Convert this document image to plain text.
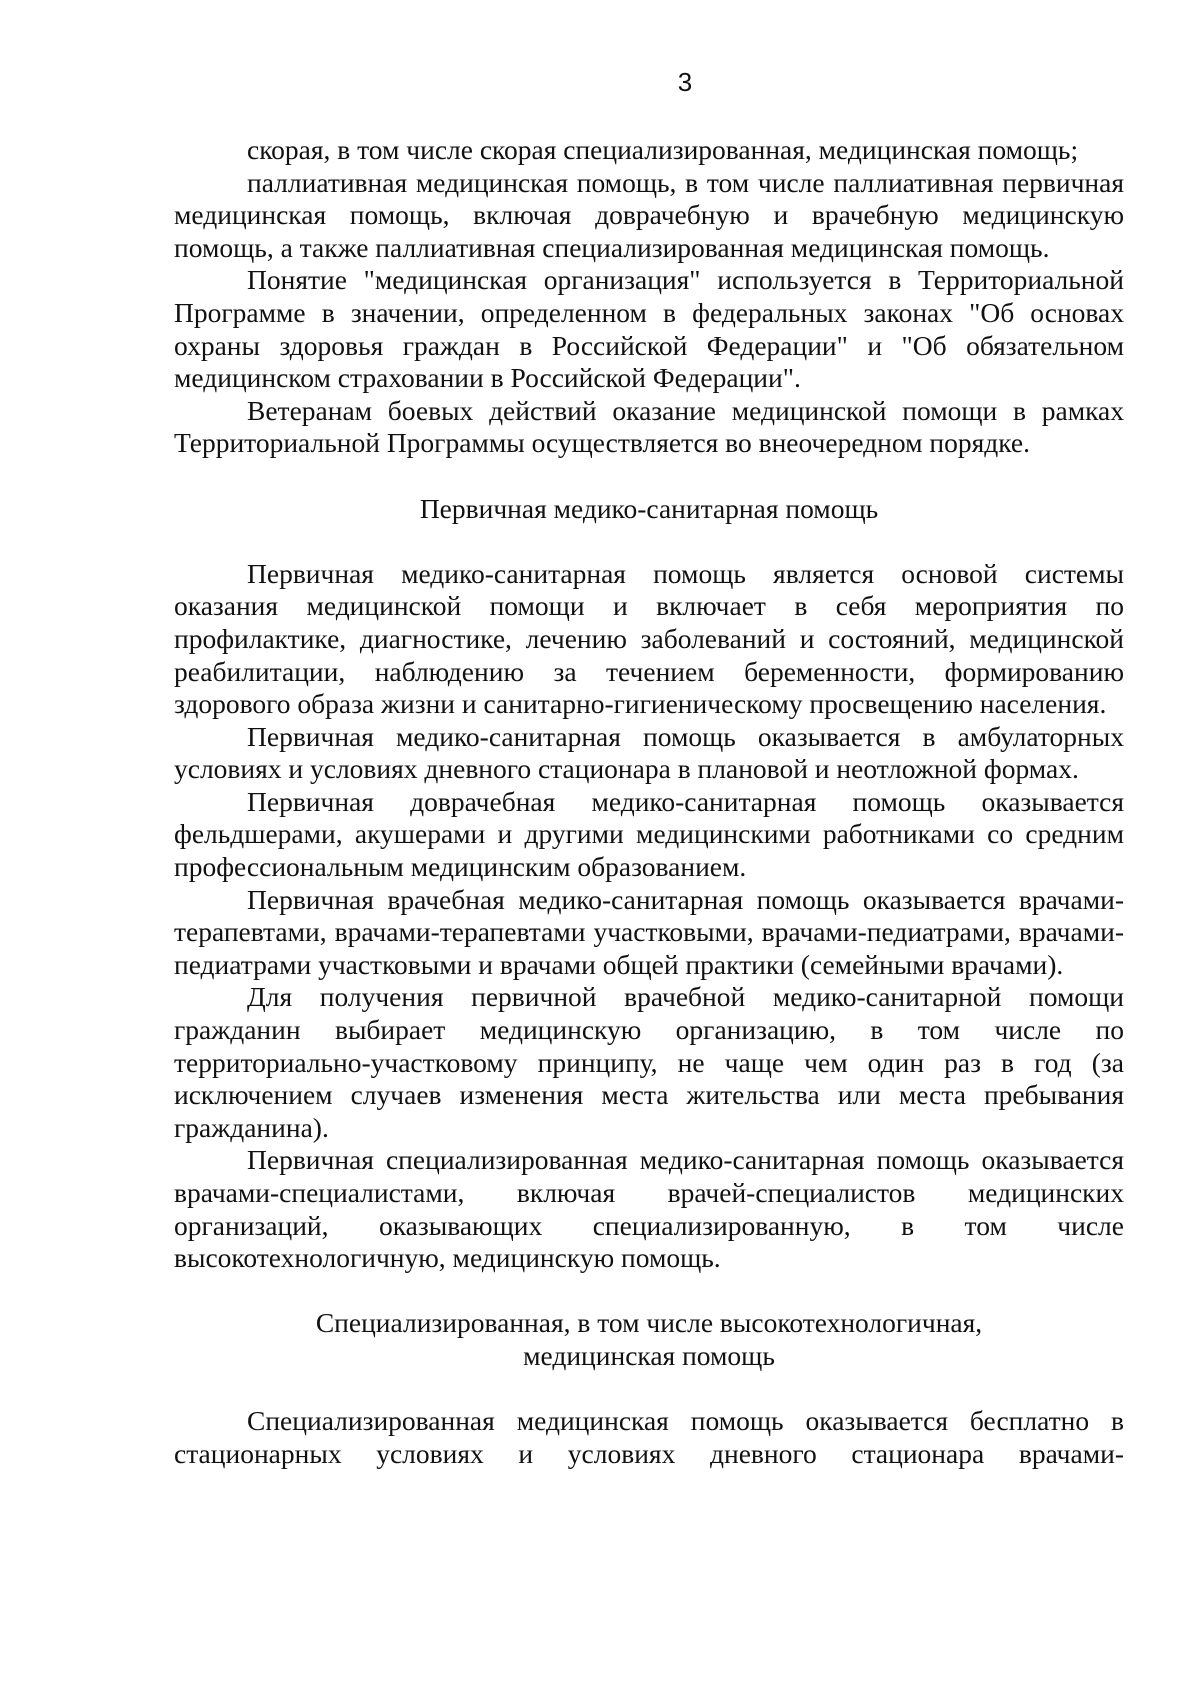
3

скорая, в том числе скорая специализированная, медицинская помощь;

паллиативная медицинская помощь, в том числе паллиативная первичная медицинская помощь, включая доврачебную и врачебную медицинскую помощь, а также паллиативная специализированная медицинская помощь.

Понятие "медицинская организация" используется в Территориальной Программе в значении, определенном в федеральных законах "Об основах охраны здоровья граждан в Российской Федерации" и "Об обязательном медицинском страховании в Российской Федерации".

Ветеранам боевых действий оказание медицинской помощи в рамках Территориальной Программы осуществляется во внеочередном порядке.

Первичная медико-санитарная помощь

Первичная медико-санитарная помощь является основой системы оказания медицинской помощи и включает в себя мероприятия по профилактике, диагностике, лечению заболеваний и состояний, медицинской реабилитации, наблюдению за течением беременности, формированию здорового образа жизни и санитарно-гигиеническому просвещению населения.

Первичная медико-санитарная помощь оказывается в амбулаторных условиях и условиях дневного стационара в плановой и неотложной формах.

Первичная доврачебная медико-санитарная помощь оказывается фельдшерами, акушерами и другими медицинскими работниками со средним профессиональным медицинским образованием.

Первичная врачебная медико-санитарная помощь оказывается врачами-терапевтами, врачами-терапевтами участковыми, врачами-педиатрами, врачами-педиатрами участковыми и врачами общей практики (семейными врачами).

Для получения первичной врачебной медико-санитарной помощи гражданин выбирает медицинскую организацию, в том числе по территориально-участковому принципу, не чаще чем один раз в год (за исключением случаев изменения места жительства или места пребывания гражданина).

Первичная специализированная медико-санитарная помощь оказывается врачами-специалистами, включая врачей-специалистов медицинских организаций, оказывающих специализированную, в том числе высокотехнологичную, медицинскую помощь.

Специализированная, в том числе высокотехнологичная,

медицинская помощь

Специализированная медицинская помощь оказывается бесплатно в стационарных условиях и условиях дневного стационара врачами-
